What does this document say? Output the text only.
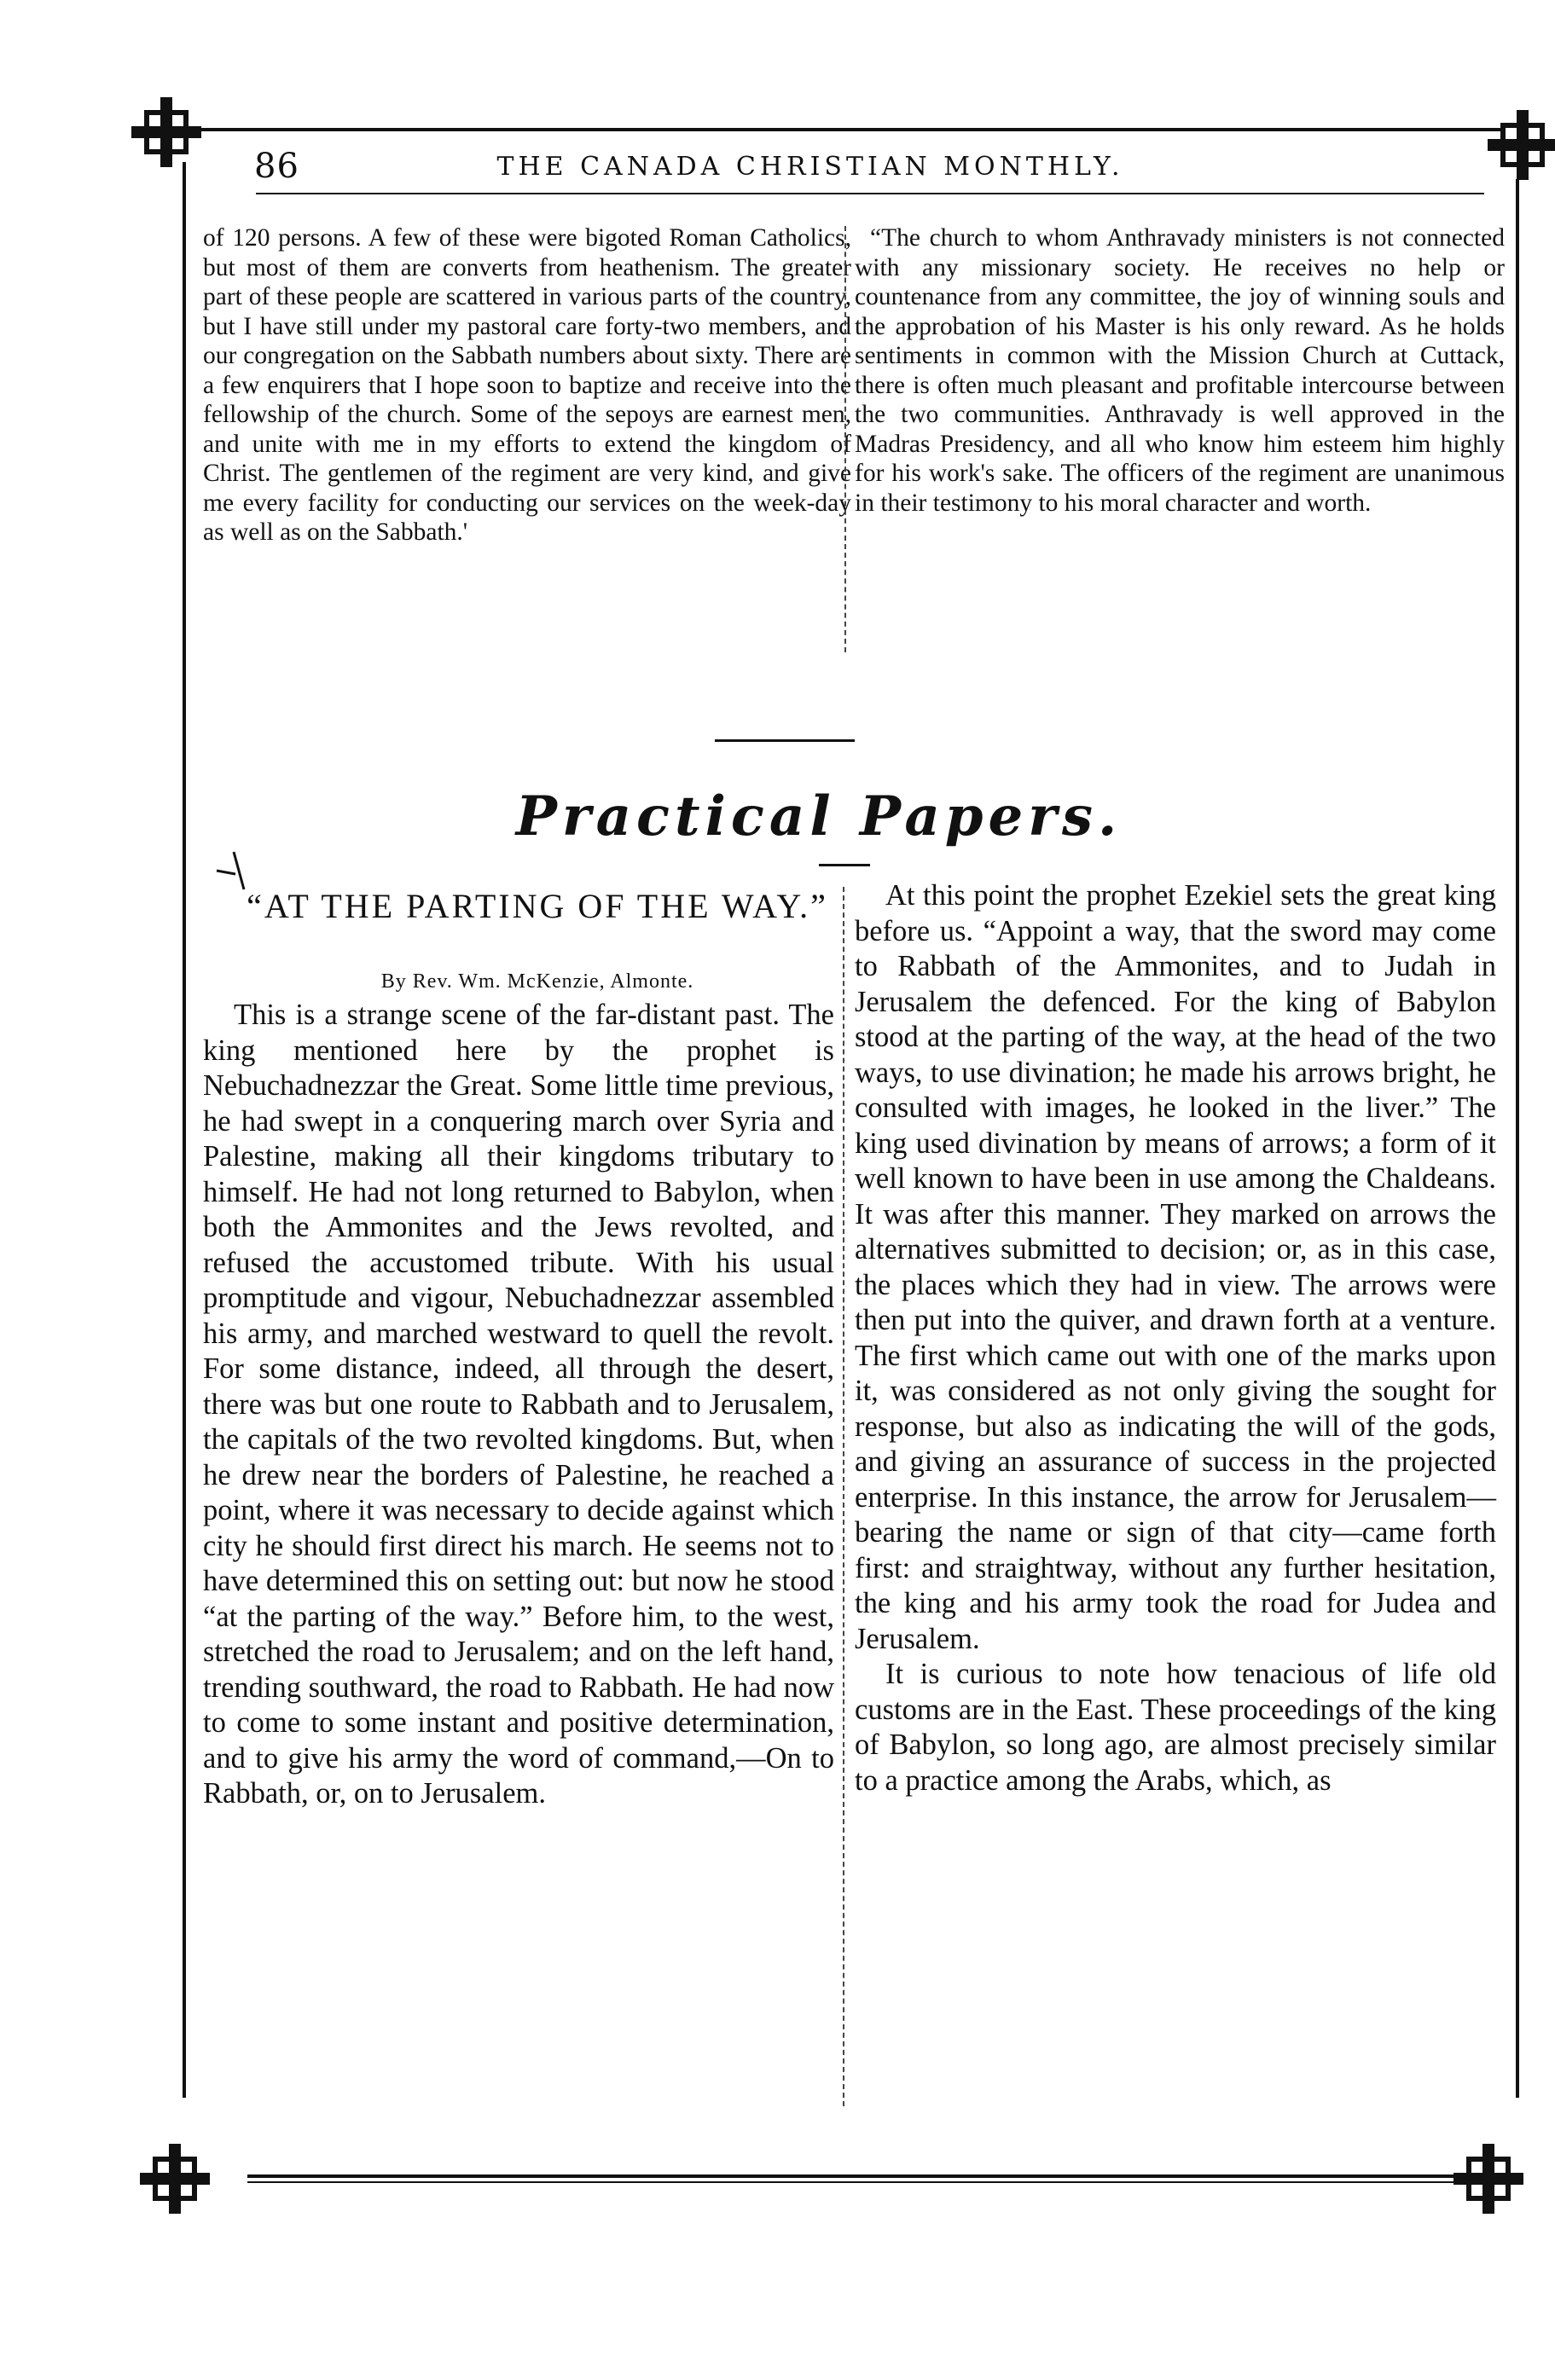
86	THE CANADA CHRISTIAN MONTHLY.

of 120 persons. A few of these were bigoted Roman Catholics, but most of them are converts from heathenism. The greater part of these people are scattered in various parts of the country, but I have still under my pastoral care forty-two members, and our congregation on the Sabbath numbers about sixty. There are a few enquirers that I hope soon to baptize and receive into the fellowship of the church. Some of the sepoys are earnest men, and unite with me in my efforts to extend the kingdom of Christ. The gentlemen of the regiment are very kind, and give me every facility for conducting our services on the week-day as well as on the Sabbath.'

“The church to whom Anthravady ministers is not connected with any missionary society. He receives no help or countenance from any committee, the joy of winning souls and the approbation of his Master is his only reward. As he holds sentiments in common with the Mission Church at Cuttack, there is often much pleasant and profitable intercourse between the two communities. Anthravady is well approved in the Madras Presidency, and all who know him esteem him highly for his work's sake. The officers of the regiment are unanimous in their testimony to his moral character and worth.

Practical Papers.
“AT THE PARTING OF THE WAY.”
By Rev. Wm. McKenzie, Almonte.

This is a strange scene of the far-distant past. The king mentioned here by the prophet is Nebuchadnezzar the Great. Some little time previous, he had swept in a conquering march over Syria and Palestine, making all their kingdoms tributary to himself. He had not long returned to Babylon, when both the Ammonites and the Jews revolted, and refused the accustomed tribute. With his usual promptitude and vigour, Nebuchadnezzar assembled his army, and marched westward to quell the revolt. For some distance, indeed, all through the desert, there was but one route to Rabbath and to Jerusalem, the capitals of the two revolted kingdoms. But, when he drew near the borders of Palestine, he reached a point, where it was necessary to decide against which city he should first direct his march. He seems not to have determined this on setting out: but now he stood “at the parting of the way.” Before him, to the west, stretched the road to Jerusalem; and on the left hand, trending southward, the road to Rabbath. He had now to come to some instant and positive determination, and to give his army the word of command,—On to Rabbath, or, on to Jerusalem.

At this point the prophet Ezekiel sets the great king before us. “Appoint a way, that the sword may come to Rabbath of the Ammonites, and to Judah in Jerusalem the defenced. For the king of Babylon stood at the parting of the way, at the head of the two ways, to use divination; he made his arrows bright, he consulted with images, he looked in the liver.” The king used divination by means of arrows; a form of it well known to have been in use among the Chaldeans. It was after this manner. They marked on arrows the alternatives submitted to decision; or, as in this case, the places which they had in view. The arrows were then put into the quiver, and drawn forth at a venture. The first which came out with one of the marks upon it, was considered as not only giving the sought for response, but also as indicating the will of the gods, and giving an assurance of success in the projected enterprise. In this instance, the arrow for Jerusalem—bearing the name or sign of that city—came forth first: and straightway, without any further hesitation, the king and his army took the road for Judea and Jerusalem.

It is curious to note how tenacious of life old customs are in the East. These proceedings of the king of Babylon, so long ago, are almost precisely similar to a practice among the Arabs, which, as
